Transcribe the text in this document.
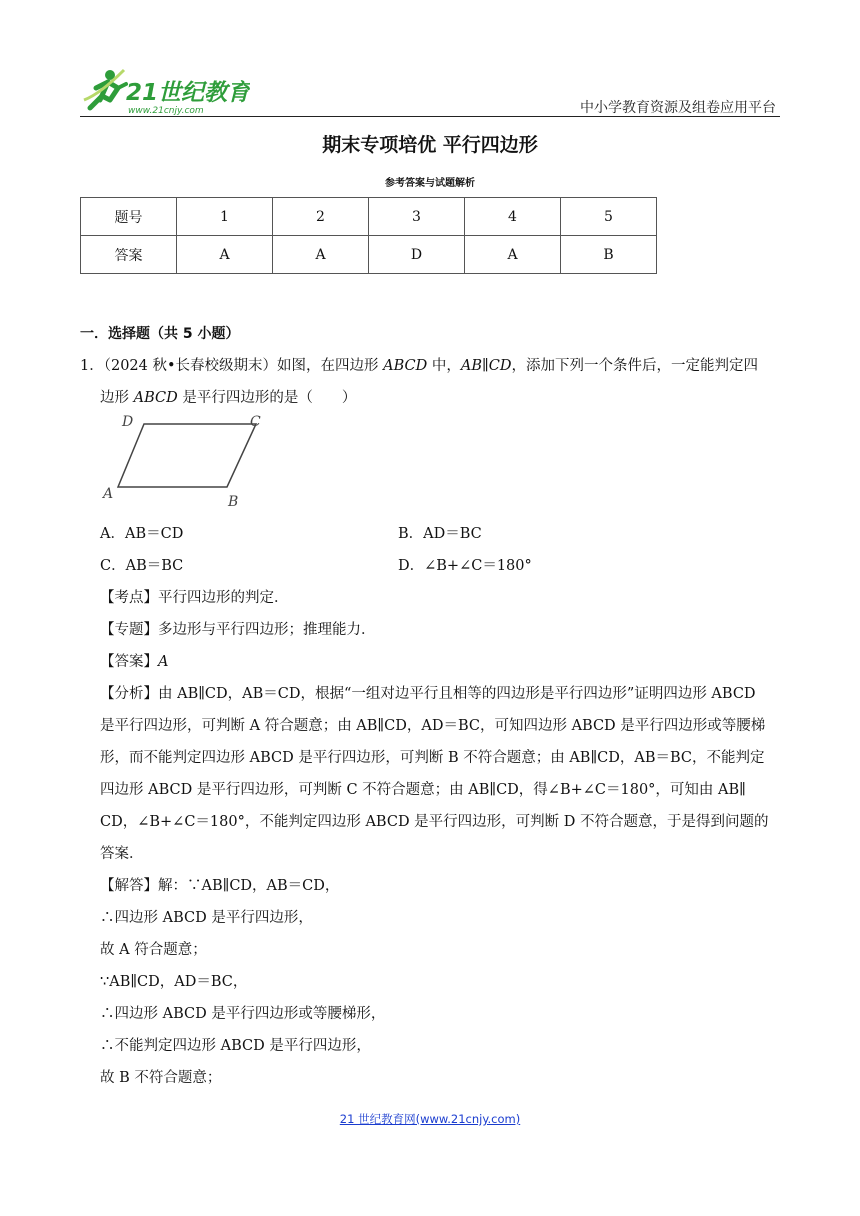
21世纪教育
www.21cnjy.com	中小学教育资源及组卷应用平台
期末专项培优 平行四边形
参考答案与试题解析
题号	1	2	3	4	5
答案	A	A	D	A	B
一．选择题（共 5 小题）
1．（2024 秋•长春校级期末）如图，在四边形 ABCD 中，AB∥CD，添加下列一个条件后，一定能判定四
边形 ABCD 是平行四边形的是（　　）
A	B
C
D
A．AB＝CD	B．AD＝BC
C．AB＝BC	D．∠B+∠C＝180°
【考点】平行四边形的判定．
【专题】多边形与平行四边形；推理能力．
【答案】A
【分析】由 AB∥CD，AB＝CD，根据“一组对边平行且相等的四边形是平行四边形”证明四边形 ABCD
是平行四边形，可判断 A 符合题意；由 AB∥CD，AD＝BC，可知四边形 ABCD 是平行四边形或等腰梯
形，而不能判定四边形 ABCD 是平行四边形，可判断 B 不符合题意；由 AB∥CD，AB＝BC，不能判定
四边形 ABCD 是平行四边形，可判断 C 不符合题意；由 AB∥CD，得∠B+∠C＝180°，可知由 AB∥
CD，∠B+∠C＝180°，不能判定四边形 ABCD 是平行四边形，可判断 D 不符合题意，于是得到问题的
答案．
【解答】解：∵AB∥CD，AB＝CD，
∴四边形 ABCD 是平行四边形，
故 A 符合题意；
∵AB∥CD，AD＝BC，
∴四边形 ABCD 是平行四边形或等腰梯形，
∴不能判定四边形 ABCD 是平行四边形，
故 B 不符合题意；
21 世纪教育网(www.21cnjy.com)
